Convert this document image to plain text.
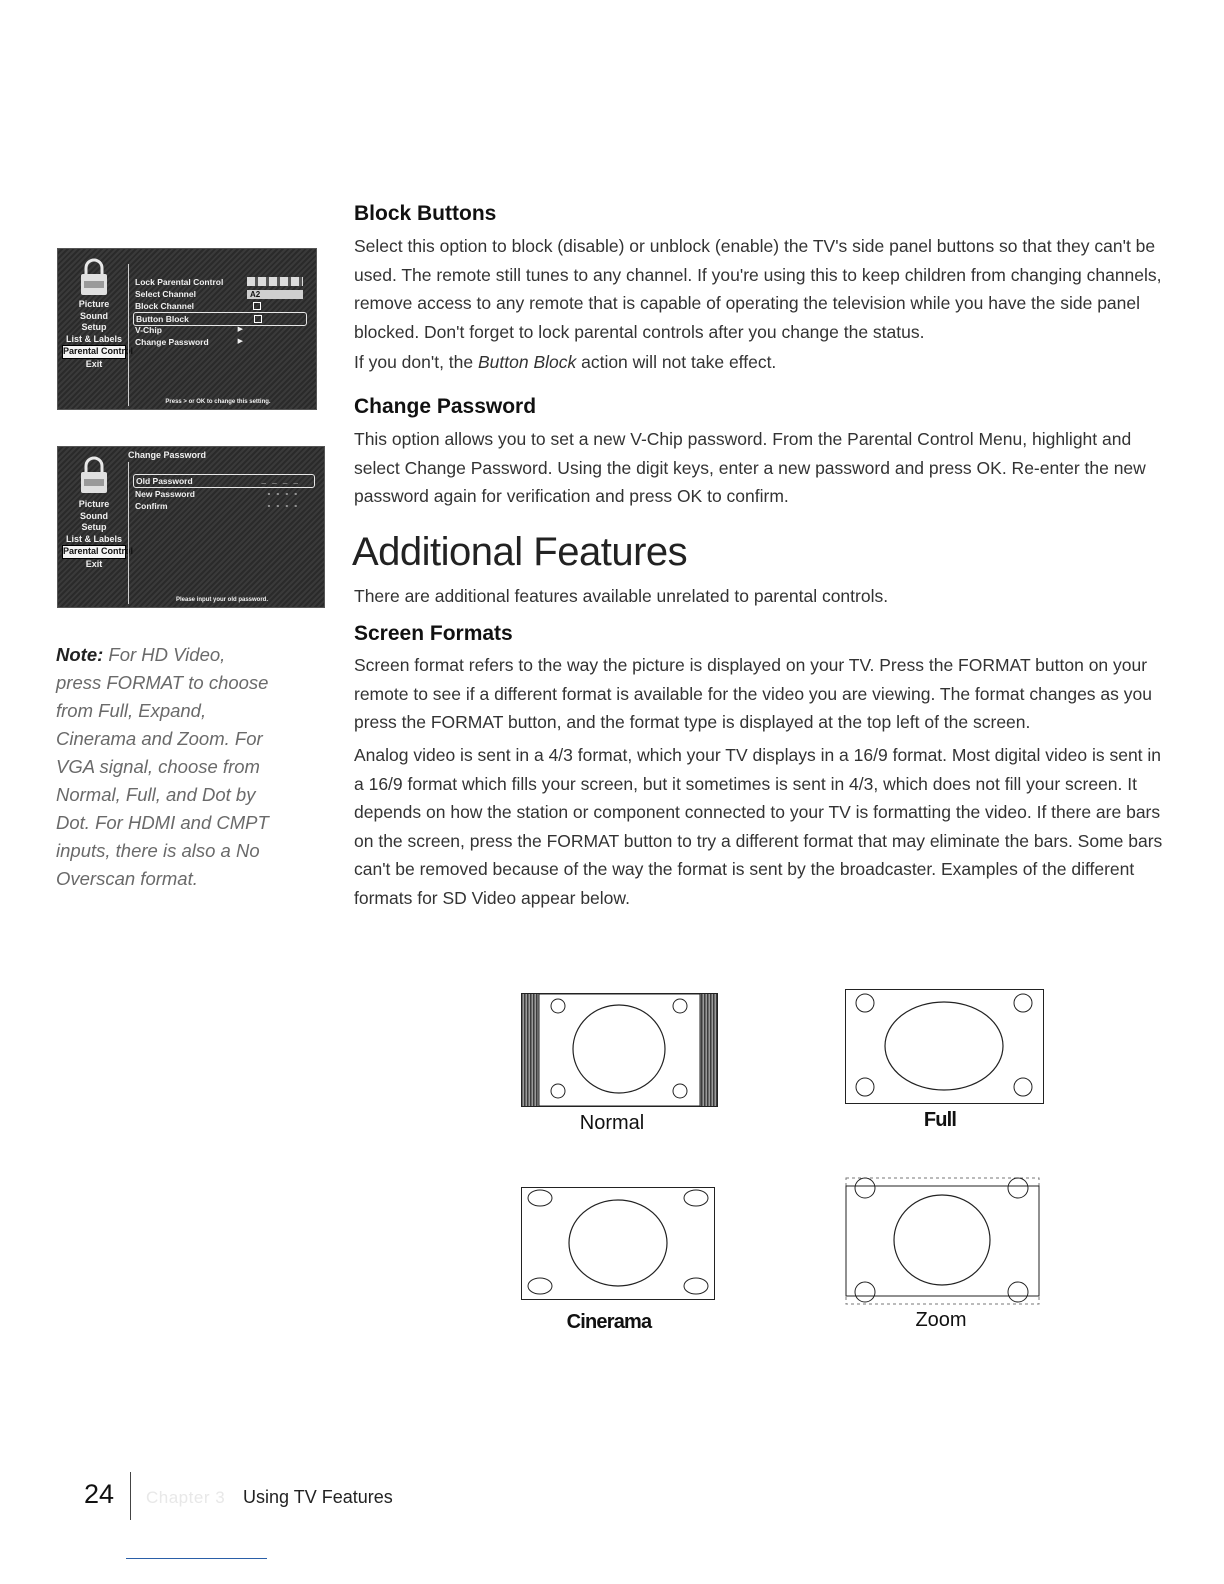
Picture
Sound
Setup
List & Labels
Parental Control
Exit
Lock Parental Control
Select Channel	A2
Block Channel
Button Block
V-Chip	▶
Change Password	▶
Press > or OK to change this setting.
Change Password
Picture
Sound
Setup
List & Labels
Parental Control
Exit
Old Password	_ _ _ _
New Password	- - - -
Confirm	- - - -
Please input your old password.
Note: For HD Video, press FORMAT to choose from Full, Expand, Cinerama and Zoom. For VGA signal, choose from Normal, Full, and Dot by Dot. For HDMI and CMPT inputs, there is also a No Overscan format.
Block Buttons

Select this option to block (disable) or unblock (enable) the TV's side panel buttons so that they can't be used. The remote still tunes to any channel. If you're using this to keep children from changing channels, remove access to any remote that is capable of operating the television while you have the side panel blocked. Don't forget to lock parental controls after you change the status.

If you don't, the Button Block action will not take effect.

Change Password

This option allows you to set a new V-Chip password. From the Parental Control Menu, highlight and select Change Password. Using the digit keys, enter a new password and press OK. Re-enter the new password again for verification and press OK to confirm.

Additional Features

There are additional features available unrelated to parental controls.

Screen Formats

Screen format refers to the way the picture is displayed on your TV. Press the FORMAT button on your remote to see if a different format is available for the video you are viewing. The format changes as you press the FORMAT button, and the format type is displayed at the top left of the screen.

Analog video is sent in a 4/3 format, which your TV displays in a 16/9 format. Most digital video is sent in a 16/9 format which fills your screen, but it sometimes is sent in 4/3, which does not fill your screen. It depends on how the station or component connected to your TV is formatting the video. If there are bars on the screen, press the FORMAT button to try a different format that may eliminate the bars. Some bars can't be removed because of the way the format is sent by the broadcaster. Examples of the different formats for SD Video appear below.

Normal	Full
Cinerama	Zoom
24 Chapter 3 Using TV Features
